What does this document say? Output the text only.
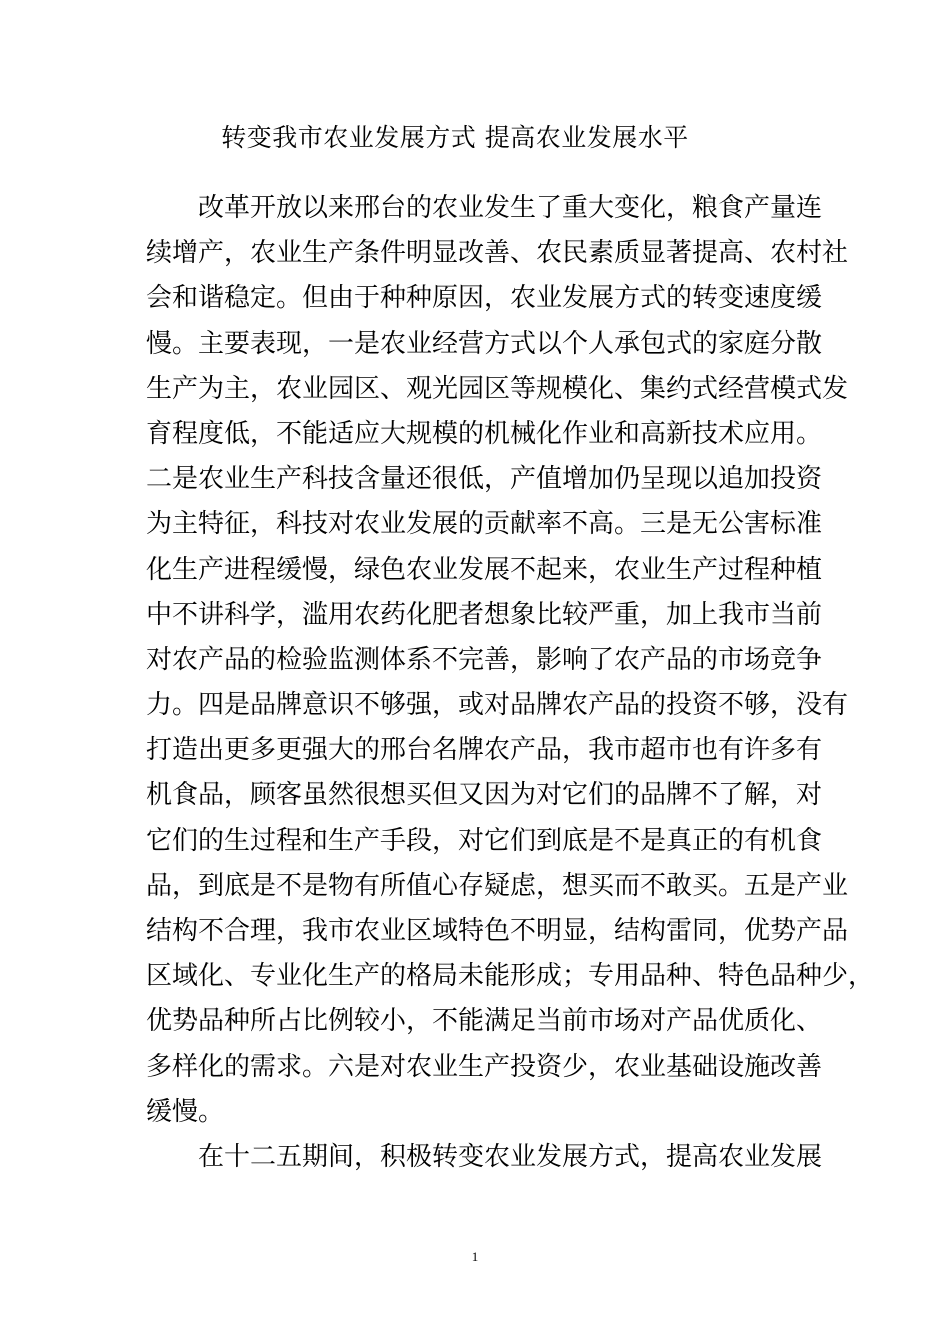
转变我市农业发展方式 提高农业发展水平
改革开放以来邢台的农业发生了重大变化，粮食产量连
续增产，农业生产条件明显改善、农民素质显著提高、农村社
会和谐稳定。但由于种种原因，农业发展方式的转变速度缓
慢。主要表现，一是农业经营方式以个人承包式的家庭分散
生产为主，农业园区、观光园区等规模化、集约式经营模式发
育程度低，不能适应大规模的机械化作业和高新技术应用。
二是农业生产科技含量还很低，产值增加仍呈现以追加投资
为主特征，科技对农业发展的贡献率不高。三是无公害标准
化生产进程缓慢，绿色农业发展不起来，农业生产过程种植
中不讲科学，滥用农药化肥者想象比较严重，加上我市当前
对农产品的检验监测体系不完善，影响了农产品的市场竞争
力。四是品牌意识不够强，或对品牌农产品的投资不够，没有
打造出更多更强大的邢台名牌农产品，我市超市也有许多有
机食品，顾客虽然很想买但又因为对它们的品牌不了解，对
它们的生过程和生产手段，对它们到底是不是真正的有机食
品，到底是不是物有所值心存疑虑，想买而不敢买。五是产业
结构不合理，我市农业区域特色不明显，结构雷同，优势产品
区域化、专业化生产的格局未能形成；专用品种、特色品种少，
优势品种所占比例较小，不能满足当前市场对产品优质化、
多样化的需求。六是对农业生产投资少，农业基础设施改善
缓慢。
在十二五期间，积极转变农业发展方式，提高农业发展
1
